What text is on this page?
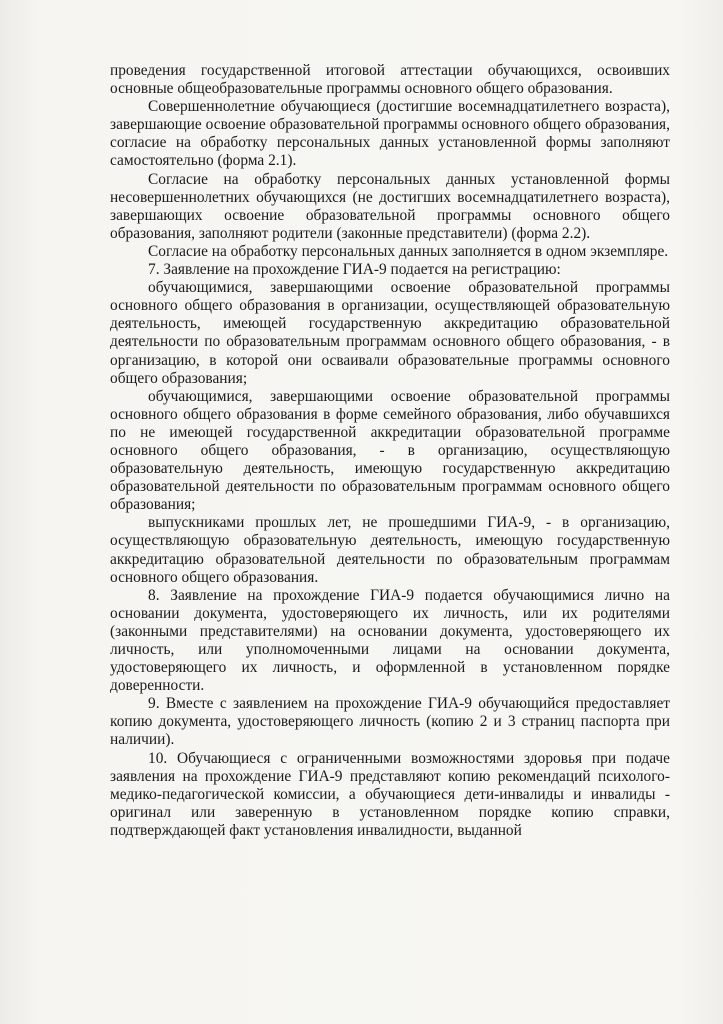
проведения государственной итоговой аттестации обучающихся, освоивших основные общеобразовательные программы основного общего образования.

Совершеннолетние обучающиеся (достигшие восемнадцатилетнего возраста), завершающие освоение образовательной программы основного общего образования, согласие на обработку персональных данных установленной формы заполняют самостоятельно (форма 2.1).

Согласие на обработку персональных данных установленной формы несовершеннолетних обучающихся (не достигших восемнадцатилетнего возраста), завершающих освоение образовательной программы основного общего образования, заполняют родители (законные представители) (форма 2.2).

Согласие на обработку персональных данных заполняется в одном экземпляре.

7. Заявление на прохождение ГИА-9 подается на регистрацию:

обучающимися, завершающими освоение образовательной программы основного общего образования в организации, осуществляющей образовательную деятельность, имеющей государственную аккредитацию образовательной деятельности по образовательным программам основного общего образования, - в организацию, в которой они осваивали образовательные программы основного общего образования;

обучающимися, завершающими освоение образовательной программы основного общего образования в форме семейного образования, либо обучавшихся по не имеющей государственной аккредитации образовательной программе основного общего образования, - в организацию, осуществляющую образовательную деятельность, имеющую государственную аккредитацию образовательной деятельности по образовательным программам основного общего образования;

выпускниками прошлых лет, не прошедшими ГИА-9, - в организацию, осуществляющую образовательную деятельность, имеющую государственную аккредитацию образовательной деятельности по образовательным программам основного общего образования.

8. Заявление на прохождение ГИА-9 подается обучающимися лично на основании документа, удостоверяющего их личность, или их родителями (законными представителями) на основании документа, удостоверяющего их личность, или уполномоченными лицами на основании документа, удостоверяющего их личность, и оформленной в установленном порядке доверенности.

9. Вместе с заявлением на прохождение ГИА-9 обучающийся предоставляет копию документа, удостоверяющего личность (копию 2 и 3 страниц паспорта при наличии).

10. Обучающиеся с ограниченными возможностями здоровья при подаче заявления на прохождение ГИА-9 представляют копию рекомендаций психолого-медико-педагогической комиссии, а обучающиеся дети-инвалиды и инвалиды - оригинал или заверенную в установленном порядке копию справки, подтверждающей факт установления инвалидности, выданной
